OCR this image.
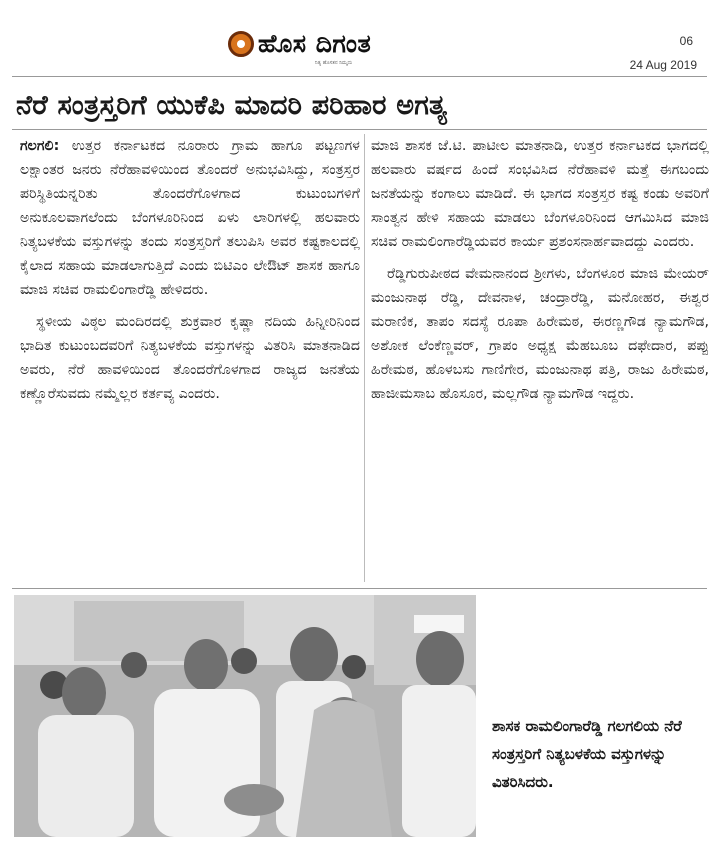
ಹೊಸ ದಿಗಂತ
ನಿತ್ಯ ಹೊಸತನ ನಿಮ್ಮದು
06
24 Aug 2019
ನೆರೆ ಸಂತ್ರಸ್ತರಿಗೆ ಯುಕೆಪಿ ಮಾದರಿ ಪರಿಹಾರ ಅಗತ್ಯ

ಗಲಗಲಿ: ಉತ್ತರ ಕರ್ನಾಟಕದ ನೂರಾರು ಗ್ರಾಮ ಹಾಗೂ ಪಟ್ಟಣಗಳ ಲಕ್ಷಾಂತರ ಜನರು ನೆರೆಹಾವಳಿಯಿಂದ ತೊಂದರೆ ಅನುಭವಿಸಿದ್ದು, ಸಂತ್ರಸ್ತರ ಪರಿಸ್ಥಿತಿಯನ್ನರಿತು ತೊಂದರೆಗೊಳಗಾದ ಕುಟುಂಬಗಳಿಗೆ ಅನುಕೂಲವಾಗಲೆಂದು ಬೆಂಗಳೂರಿನಿಂದ ಏಳು ಲಾರಿಗಳಲ್ಲಿ ಹಲವಾರು ನಿತ್ಯಬಳಕೆಯ ವಸ್ತುಗಳನ್ನು ತಂದು ಸಂತ್ರಸ್ತರಿಗೆ ತಲುಪಿಸಿ ಅವರ ಕಷ್ಟಕಾಲದಲ್ಲಿ ಕೈಲಾದ ಸಹಾಯ ಮಾಡಲಾಗುತ್ತಿದೆ ಎಂದು ಬಿಟಿಎಂ ಲೇಔಟ್ ಶಾಸಕ ಹಾಗೂ ಮಾಜಿ ಸಚಿವ ರಾಮಲಿಂಗಾರೆಡ್ಡಿ ಹೇಳಿದರು.

ಸ್ಥಳೀಯ ವಿಠ್ಠಲ ಮಂದಿರದಲ್ಲಿ ಶುಕ್ರವಾರ ಕೃಷ್ಣಾ ನದಿಯ ಹಿನ್ನೀರಿನಿಂದ ಭಾದಿತ ಕುಟುಂಬದವರಿಗೆ ನಿತ್ಯಬಳಕೆಯ ವಸ್ತುಗಳನ್ನು ವಿತರಿಸಿ ಮಾತನಾಡಿದ ಅವರು, ನೆರೆ ಹಾವಳಿಯಿಂದ ತೊಂದರೆಗೊಳಗಾದ ರಾಜ್ಯದ ಜನತೆಯ ಕಣ್ಣೊರೆಸುವದು ನಮ್ಮೆಲ್ಲರ ಕರ್ತವ್ಯ ಎಂದರು.

ಮಾಜಿ ಶಾಸಕ ಜೆ.ಟಿ. ಪಾಟೀಲ ಮಾತನಾಡಿ, ಉತ್ತರ ಕರ್ನಾಟಕದ ಭಾಗದಲ್ಲಿ ಹಲವಾರು ವರ್ಷದ ಹಿಂದೆ ಸಂಭವಿಸಿದ ನೆರೆಹಾವಳಿ ಮತ್ತೆ ಈಗಬಂದು ಜನತೆಯನ್ನು ಕಂಗಾಲು ಮಾಡಿದೆ. ಈ ಭಾಗದ ಸಂತ್ರಸ್ತರ ಕಷ್ಟ ಕಂಡು ಅವರಿಗೆ ಸಾಂತ್ವನ ಹೇಳಿ ಸಹಾಯ ಮಾಡಲು ಬೆಂಗಳೂರಿನಿಂದ ಆಗಮಿಸಿದ ಮಾಜಿ ಸಚಿವ ರಾಮಲಿಂಗಾರೆಡ್ಡಿಯವರ ಕಾರ್ಯ ಪ್ರಶಂಸನಾರ್ಹವಾದದ್ದು ಎಂದರು.

ರೆಡ್ಡಿಗುರುಪೀಠದ ವೇಮನಾನಂದ ಶ್ರೀಗಳು, ಬೆಂಗಳೂರ ಮಾಜಿ ಮೇಯರ್ ಮಂಜುನಾಥ ರೆಡ್ಡಿ, ದೇವನಾಳ, ಚಂದ್ರಾರೆಡ್ಡಿ, ಮನೋಹರ, ಈಶ್ವರ ಮರಾಣಿಕ, ತಾಪಂ ಸದಸ್ಯೆ ರೂಪಾ ಹಿರೇಮಠ, ಈರಣ್ಣಗೌಡ ನ್ಯಾಮಗೌಡ, ಅಶೋಕ ಲೆಂಕೆಣ್ಣವರ್, ಗ್ರಾಪಂ ಅಧ್ಯಕ್ಷ ಮೆಹಬೂಬ ದಫೇದಾರ, ಪಪ್ಪು ಹಿರೇಮಠ, ಹೊಳಬಸು ಗಾಣಿಗೇರ, ಮಂಜುನಾಥ ಪತ್ರಿ, ರಾಜು ಹಿರೇಮಠ, ಹಾಜೀಮಸಾಬ ಹೊಸೂರ, ಮಲ್ಲಗೌಡ ನ್ಯಾಮಗೌಡ ಇದ್ದರು.

ಶಾಸಕ ರಾಮಲಿಂಗಾರೆಡ್ಡಿ ಗಲಗಲಿಯ ನೆರೆ ಸಂತ್ರಸ್ತರಿಗೆ ನಿತ್ಯಬಳಕೆಯ ವಸ್ತುಗಳನ್ನು ವಿತರಿಸಿದರು.
